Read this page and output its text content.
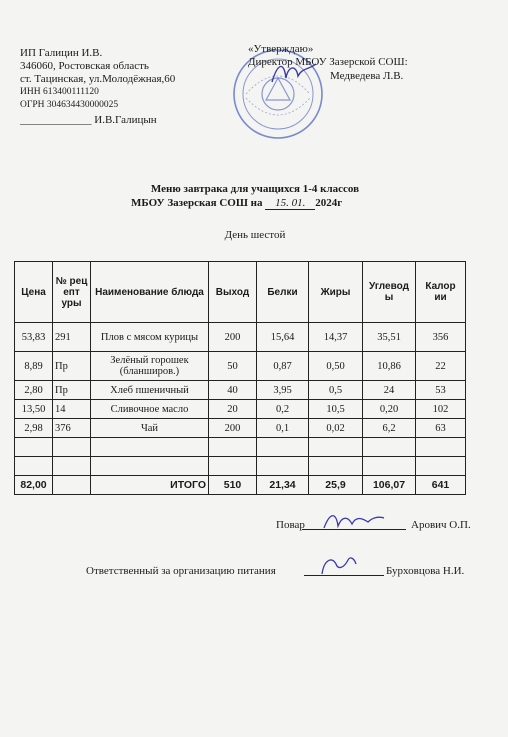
ИП Галицин И.В.
346060, Ростовская область
ст. Тацинская, ул.Молодёжная,60
ИНН 613400111120
ОГРН 304634430000025
_____________ И.В.Галицын
«Утверждаю»
Директор МБОУ Зазерской СОШ:
Медведева Л.В.
Меню завтрака для учащихся 1-4 классов
МБОУ Зазерская СОШ на 15. 01. 2024г
День шестой
Цена	№ рец епт уры	Наименование блюда	Выход	Белки	Жиры	Углевод ы	Калор ии
53,83	291	Плов с мясом курицы	200	15,64	14,37	35,51	356
8,89	Пр	Зелёный горошек (бланширов.)	50	0,87	0,50	10,86	22
2,80	Пр	Хлеб пшеничный	40	3,95	0,5	24	53
13,50	14	Сливочное масло	20	0,2	10,5	0,20	102
2,98	376	Чай	200	0,1	0,02	6,2	63

82,00		ИТОГО	510	21,34	25,9	106,07	641
Повар	Арович О.П.
Ответственный за организацию питания	Бурховцова Н.И.
